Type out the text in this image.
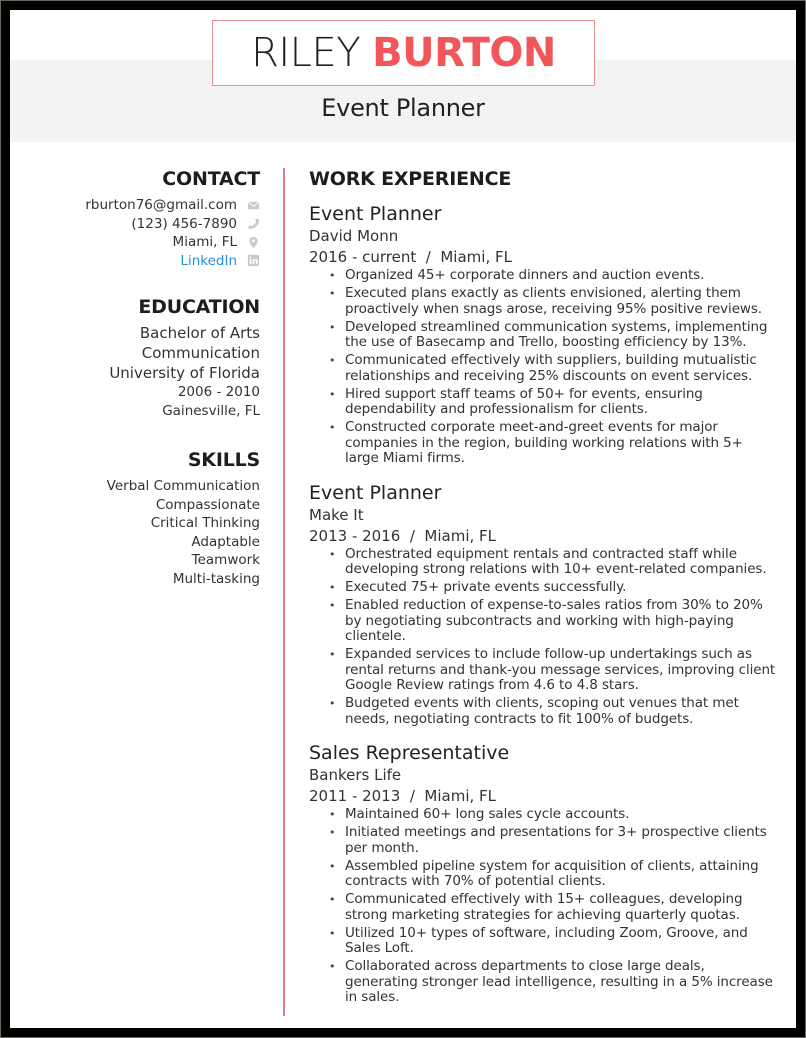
RILEY BURTON
Event Planner
CONTACT
rburton76@gmail.com
(123) 456-7890
Miami, FL
LinkedIn
EDUCATION
Bachelor of Arts
Communication
University of Florida
2006 - 2010
Gainesville, FL
SKILLS
Verbal Communication
Compassionate
Critical Thinking
Adaptable
Teamwork
Multi-tasking
WORK EXPERIENCE
Event Planner
David Monn
2016 - current  /  Miami, FL
• Organized 45+ corporate dinners and auction events.
• Executed plans exactly as clients envisioned, alerting them proactively when snags arose, receiving 95% positive reviews.
• Developed streamlined communication systems, implementing the use of Basecamp and Trello, boosting efficiency by 13%.
• Communicated effectively with suppliers, building mutualistic relationships and receiving 25% discounts on event services.
• Hired support staff teams of 50+ for events, ensuring dependability and professionalism for clients.
• Constructed corporate meet-and-greet events for major companies in the region, building working relations with 5+ large Miami firms.
Event Planner
Make It
2013 - 2016  /  Miami, FL
• Orchestrated equipment rentals and contracted staff while developing strong relations with 10+ event-related companies.
• Executed 75+ private events successfully.
• Enabled reduction of expense-to-sales ratios from 30% to 20% by negotiating subcontracts and working with high-paying clientele.
• Expanded services to include follow-up undertakings such as rental returns and thank-you message services, improving client Google Review ratings from 4.6 to 4.8 stars.
• Budgeted events with clients, scoping out venues that met needs, negotiating contracts to fit 100% of budgets.
Sales Representative
Bankers Life
2011 - 2013  /  Miami, FL
• Maintained 60+ long sales cycle accounts.
• Initiated meetings and presentations for 3+ prospective clients per month.
• Assembled pipeline system for acquisition of clients, attaining contracts with 70% of potential clients.
• Communicated effectively with 15+ colleagues, developing strong marketing strategies for achieving quarterly quotas.
• Utilized 10+ types of software, including Zoom, Groove, and Sales Loft.
• Collaborated across departments to close large deals, generating stronger lead intelligence, resulting in a 5% increase in sales.
